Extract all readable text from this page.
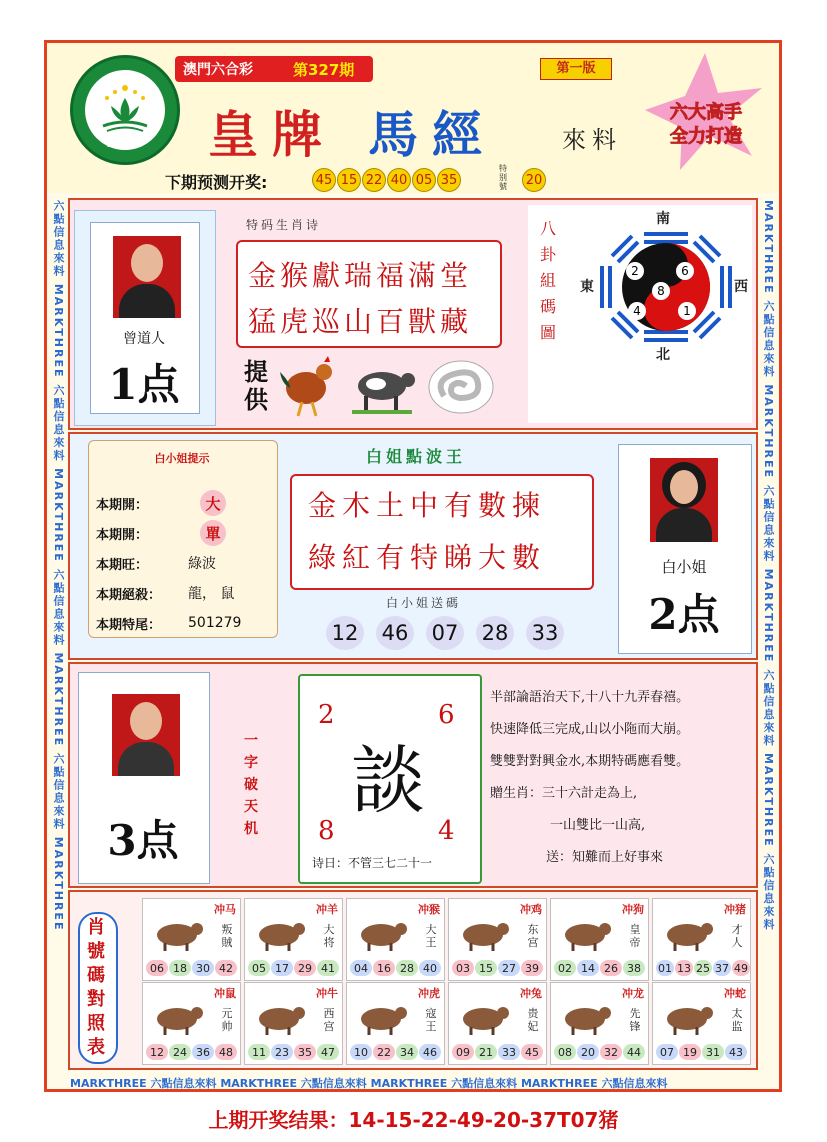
MACAU
澳門六合彩	第327期	第一版
六大高手
全力打造
皇牌 馬經	來料
下期预测开奖:	45 15 22 40 05 35
特
别
號 20
六點信息來料 MARKTHREE 六點信息來料 MARKTHREE 六點信息來料 MARKTHREE 六點信息來料 MARKTHREE	MARKTHREE 六點信息來料 MARKTHREE 六點信息來料 MARKTHREE 六點信息來料 MARKTHREE 六點信息來料
MARKTHREE 六點信息來料 MARKTHREE 六點信息來料 MARKTHREE 六點信息來料 MARKTHREE 六點信息來料
曾道人
1点
特码生肖诗
金猴獻瑞福滿堂
猛虎巡山百獸藏
提供
八
卦
組
碼
圖
南
北
東	西
2	6
8
4	1
白小姐提示
本期開：	大
本期開：	單
本期旺：	綠波
本期絕殺：	龍， 鼠
本期特尾：	501279
白姐點波王
金木土中有數揀
綠紅有特睇大數
白小姐送碼
12 46 07 28 33
白小姐
2点
3点
一
字
破
天
机
2	6
8	4
談
诗日：不管三七二十一
半部論語治天下,十八十九弄春禧。
快速降低三完成,山以小陁而大崩。
雙雙對對興金水,本期特碼應看雙。
贈生肖：三十六計走為上,
一山雙比一山高,
送：知難而上好事來
肖
號
碼
對
照
表
冲马
叛賊
06 18 30 42
冲羊
大将
05 17 29 41
冲猴
大王
04 16 28 40
冲鸡
东宫
03 15 27 39
冲狗
皇帝
02 14 26 38
冲猪
才人
01 13 25 37 49
冲鼠
元帅
12 24 36 48
冲牛
西宫
11 23 35 47
冲虎
寇王
10 22 34 46
冲兔
贵妃
09 21 33 45
冲龙
先锋
08 20 32 44
冲蛇
太监
07 19 31 43
上期开奖结果：14-15-22-49-20-37T07猪
